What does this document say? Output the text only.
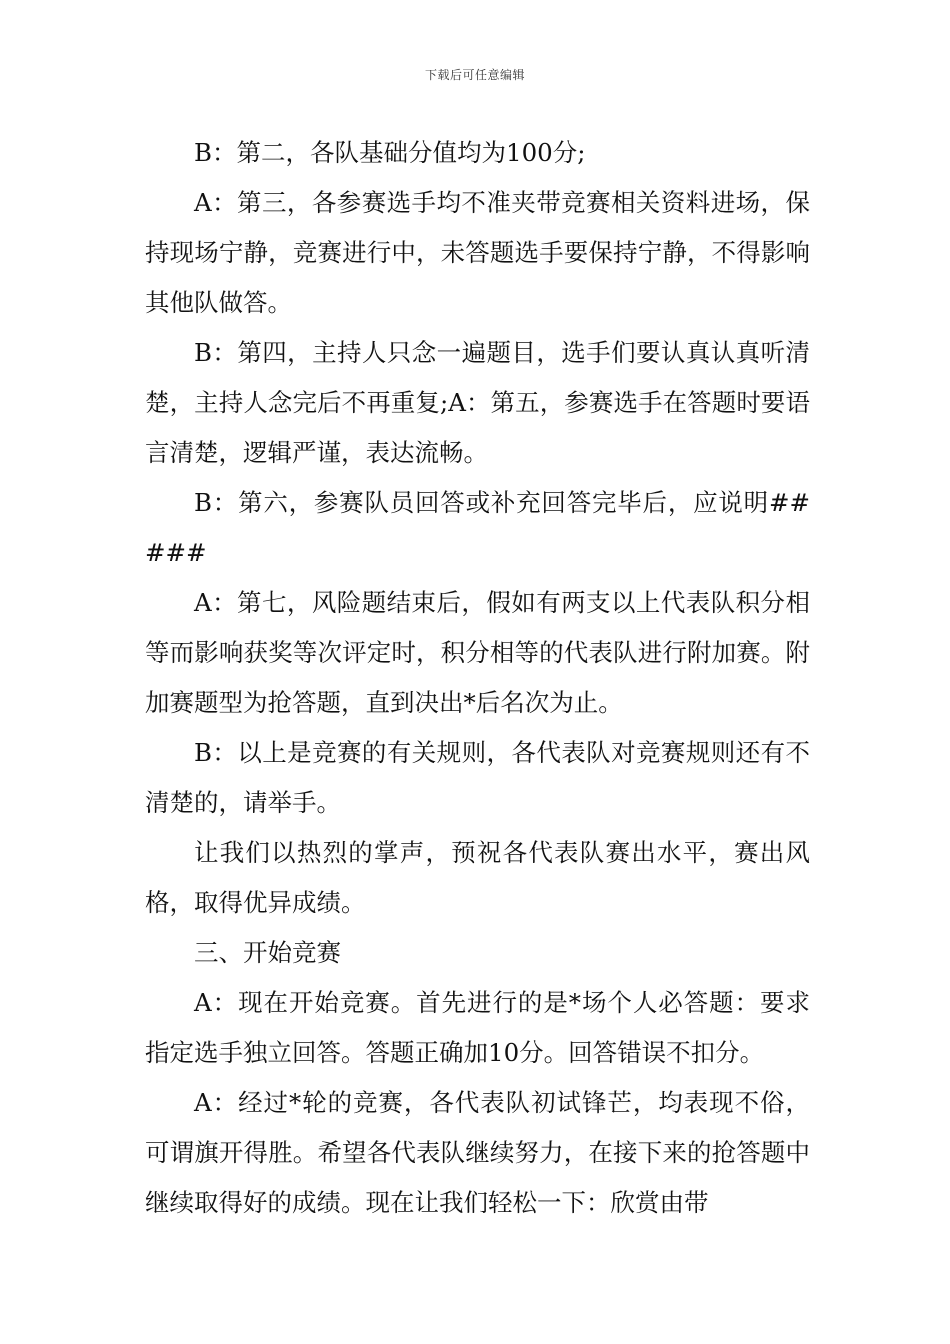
下载后可任意编辑

B：第二，各队基础分值均为100分;

A：第三，各参赛选手均不准夹带竞赛相关资料进场，保持现场宁静，竞赛进行中，未答题选手要保持宁静，不得影响其他队做答。

B：第四，主持人只念一遍题目，选手们要认真认真听清楚，主持人念完后不再重复;A：第五，参赛选手在答题时要语言清楚，逻辑严谨，表达流畅。

B：第六，参赛队员回答或补充回答完毕后，应说明#####

A：第七，风险题结束后，假如有两支以上代表队积分相等而影响获奖等次评定时，积分相等的代表队进行附加赛。附加赛题型为抢答题，直到决出*后名次为止。

B：以上是竞赛的有关规则，各代表队对竞赛规则还有不清楚的，请举手。

让我们以热烈的掌声，预祝各代表队赛出水平，赛出风格，取得优异成绩。

三、开始竞赛

A：现在开始竞赛。首先进行的是*场个人必答题：要求指定选手独立回答。答题正确加10分。回答错误不扣分。

A：经过*轮的竞赛，各代表队初试锋芒，均表现不俗，可谓旗开得胜。希望各代表队继续努力，在接下来的抢答题中继续取得好的成绩。现在让我们轻松一下：欣赏由带
